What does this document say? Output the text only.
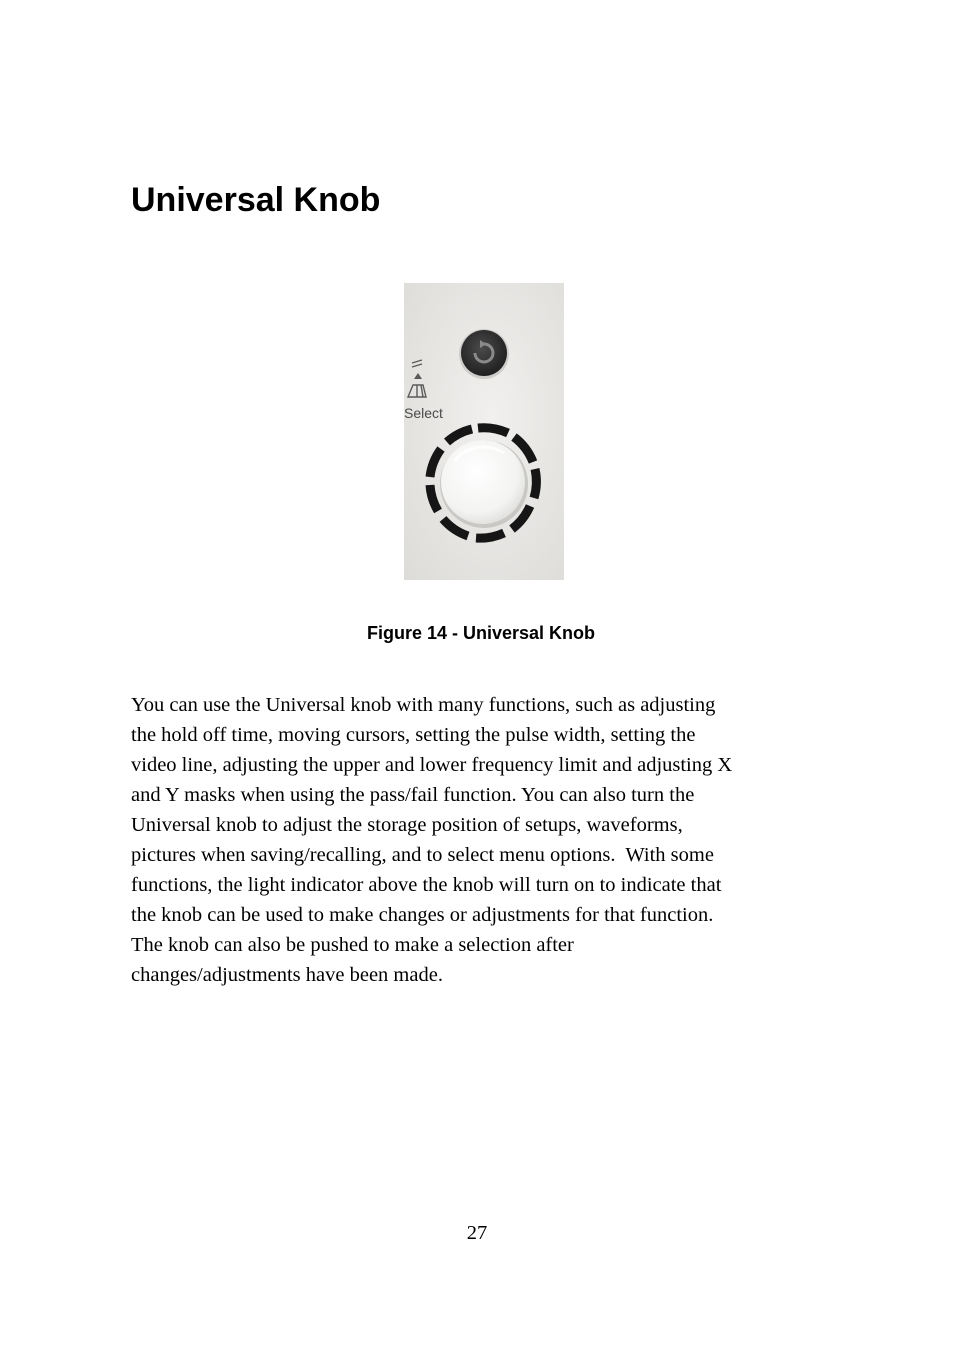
Universal Knob
Select

Figure 14 - Universal Knob

You can use the Universal knob with many functions, such as adjusting
the hold off time, moving cursors, setting the pulse width, setting the
video line, adjusting the upper and lower frequency limit and adjusting X
and Y masks when using the pass/fail function. You can also turn the
Universal knob to adjust the storage position of setups, waveforms,
pictures when saving/recalling, and to select menu options.  With some
functions, the light indicator above the knob will turn on to indicate that
the knob can be used to make changes or adjustments for that function.
The knob can also be pushed to make a selection after
changes/adjustments have been made.

27
